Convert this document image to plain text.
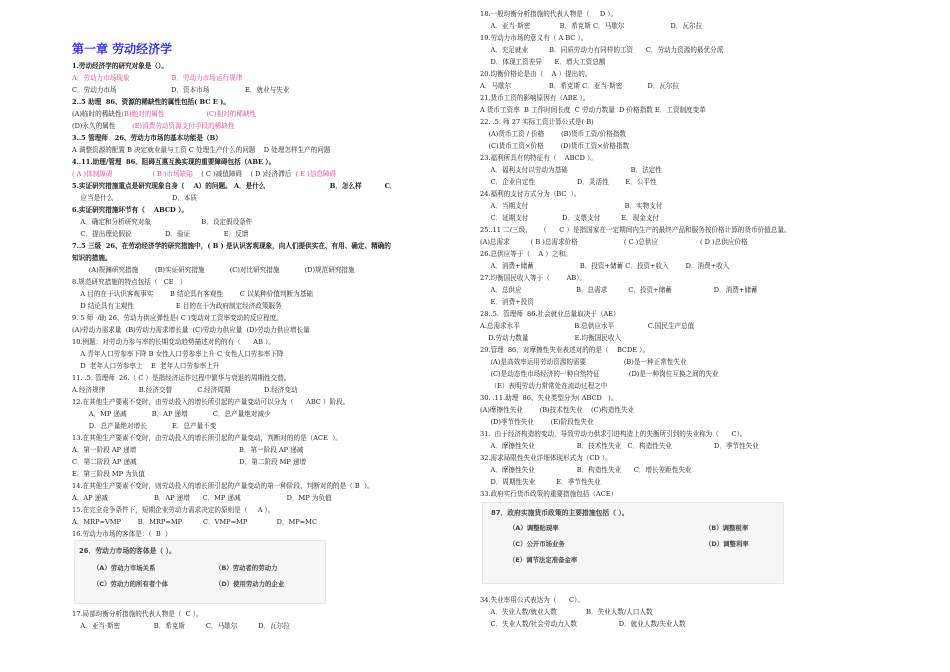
第一章 劳动经济学
1.劳动经济学的研究对象是（）。
A．劳动力市场现象	B．劳动力市场运行规律
C．劳动力市场                          D．资本市场                 E．就业与失业
2..5 助理  86、资源的稀缺性的属性包括( BC E )。
(A)临时的稀缺性(B)绝对的属性	(C)相对的稀缺性
(D)永久的属性        (E)消费劳动资源支付手段的稀缺性
3..5 管理师   26、劳动力市场的基本功能是（B）
A 调整资源的配置 B 决定就业量与工资 C 处理生产什么的问题    D 处理怎样生产的问题
4..11.助理/管理  86、阻碍互惠互换实现的重要障碍包括（ABE ）。
( A )体制障碍	( B )市场缺陷    ( C )减值障碍    ( D )经济滞后  ( E )信息障碍
5.实证研究措施重点是研究现象自身（    A）的问题。 A．是什么                            B．怎么样          C．
应当是什么                            D．本质
6.实证研究措施环节有（    ABCD ）。
A．确定和分析研究对象                        B．设定假设条件
C．提出理论假说                D．验证                E．反馈
7..5 三级  26、在劳动经济学的研究措施中，( B ) 是认识客观现象，向人们提供实在、有用、确定、精确的
知识的措施。
(A)规渊研究措施        (B)实证研究措施            (C)对比研究措施            (D)规范研究措施
8.规范研究措施的特点包括（   CE   ）
A 目的在于认识客观事实        B 结论具有客观性        C 以某种价值判断为基础
D 结论具有主观性                    E 目的在于为政府制定经济政策服务
9. 5 师  /助 26、劳动力供应弹性是( C )变动对工资率变动的反应程度。
(A)劳动力需求量  (B)劳动力需求增长量  (C)劳动力供应量  (D)劳动力供应增长量
10.例题：对劳动力参与率的长期变动趋势描述对的的有（      AB ）。
A 青年人口劳参率下降 B 女性人口劳参率上升 C 女性人口劳参率下降
D  老年人口劳参率上    E  老年人口劳参率上升
11. .5. 管理师  26.（ C ）是指经济运作过程中繁华与衰退的周期性交替。
A.经济规律                B.经济交替            C.经济周期                D.经济变动
12.在其他生产要素不变时，由劳动投入的增长所引起的产量变动可以分为（      ABC ）阶段。
A．MP 递减            B．AP 递增            C．总产量绝对减少
D．总产量绝对增长            E．总产量不变
13.在其他生产要素不变时，由劳动投入的增长所引起的产量变动，判断对的的是（ACE  ）。
A．第一阶段 AP 递增                                                 B．第一阶段 AP 递减
C．第二阶段 AP 递减                                                 D．第二阶段 MP 递增
E．第三阶段 MP 为负值
14.在其他生产要素不变时，则劳动投入的增长所引起的产量变动的第一种阶段，判断对的的是（ B  ）。
A．AP 递减                      B．AP 递增      C．MP 递减                      D．MP 为负值
15.在完全竞争条件下，短期企业劳动力需求决定的原则是（     A ）。
A．MRP=VMP        B．MRP=MP          C．VMP=MP              D．MP=MC
16.劳动力市场的客体是：（  B  ）
17.局部均衡分析措施的代表人物是（  C ）。
A．亚当·斯密                B．希克斯          C．马歇尔          D．瓦尔拉
26．劳动力市场的客体是（ ）。
（A）劳动力市场关系	（B）劳动者的劳动力
（C）劳动力的所有者个体	（D）使用劳动力的企业
18.一般均衡分析措施的代表人物是（     D ）。
A．亚当·斯密              B．希克斯 C．马歇尔                      D．瓦尔拉
19.劳动力市场的意义有（ A BC ）。
A．充足就业          B．同质劳动力有同样的工资      C．劳动力资源的最优分派
D．体现工资差异      E．增大工资总额
20.均衡价格论是由（    A ）提出的。
A．马歇尔                  B．希克斯 C．亚当·斯密            D．瓦尔拉
21.货币工资的影响原因有（ABE ）。
A 货币工资率  B 工作时间长度  C 劳动力数量  D 价格指数 E．工资制度变革
22. .5. 师 27 实际工资计算公式是( B)
(A)货币工资 / 价格        (B)货币工资/价格指数
(C)货币工资×价格        (D)货币工资×价格指数
23.福利所具有的特征有（    ABCD ）。
A．福利支付以劳动为基础                              B．法定性
C．企业自定性                    D．灵活性        E．公平性
24.福利的支付方式分为（BC  ）。
A．当期支付                                              B．实物支付
C．延期支付                D．支票支付          E．现金支付
25..11 二/三级，    （      C ）是指国家在一定期间内生产的最终产品和服务按价格计算的货币价值总量。
(A)总需求          ( B )总需求价格                      ( C )总供应                    ( D )总供应价格
26.总供应等于（    A ）之和。
A．消费+储蓄                      B．投资+储蓄 C．投资+收入        D．消费+收入
27.均衡国民收入等于（        AB）。
A．总供应                          B．总需求          C．投资+储蓄                    D．消费+储蓄
E．消费+投资
28..5.  管理师  86.社会就业总量取决于（AE）
A.总需求水平                          B.总供应水平                C.国民生产总值
D.劳动力数量                      E.均衡国民收入
29.管理  86、对摩擦性失业表述对的的是（    BCDE ）。
(A)是高效率运用劳动资源的需要                  (B)是一种正常性失业
(C)是动态性市场经济的一种自然特征              (D)是一种岗位互换之间的失业
（E）表明劳动力常常处在流动过程之中
30. .11.助理  86、失业类型分为( ABCD   )。
(A)摩擦性失业        (B)技术性失业    (C)构造性失业
(D)季节性失业        (E)阶段性失业
31.  由于经济构造的变动，导致劳动力供求引进构造上的失衡所引到的失业称为（      C）。
A．摩擦性失业                    B．技术性失业   C．构造性失业                    D．季节性失业
32.需求局限性失业详细体现形式为（CD ）。
A．摩擦性失业                    B．构造性失业      C．增长差距性失业
D．周期性失业          E．季节性失业
33.政府实行货币政策的重要措施包括（ACE）
34.失业率用公式表达为（      C）。
A．失业人数/就业人数              B．失业人数/人口人数
C．失业人数/社会劳动力人数                    D．就业人数/失业人数
87．政府实施货币政策的主要措施包括（ ）。
（A）调整贴现率	（B）调整税率
（C）公开市场业务	（D）调整利率
（E）调节法定准备金率
